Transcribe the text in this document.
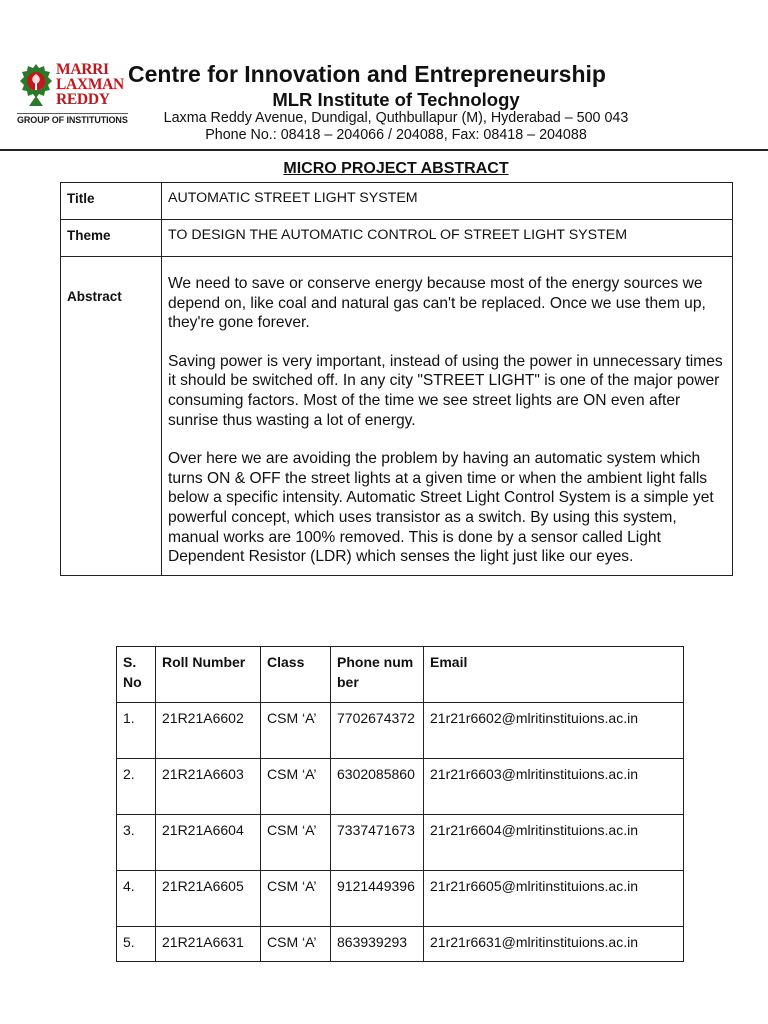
MARRI
LAXMAN
REDDY
GROUP OF INSTITUTIONS
Centre for Innovation and Entrepreneurship
MLR Institute of Technology
Laxma Reddy Avenue, Dundigal, Quthbullapur (M), Hyderabad – 500 043
Phone No.: 08418 – 204066 / 204088, Fax: 08418 – 204088
MICRO PROJECT ABSTRACT
Title	AUTOMATIC STREET LIGHT SYSTEM
Theme	TO DESIGN THE AUTOMATIC CONTROL OF STREET LIGHT SYSTEM
Abstract	We need to save or conserve energy because most of the energy sources we depend on, like coal and natural gas can't be replaced. Once we use them up, they're gone forever.

Saving power is very important, instead of using the power in unnecessary times it should be switched off. In any city "STREET LIGHT" is one of the major power consuming factors. Most of the time we see street lights are ON even after sunrise thus wasting a lot of energy.

Over here we are avoiding the problem by having an automatic system which turns ON & OFF the street lights at a given time or when the ambient light falls below a specific intensity. Automatic Street Light Control System is a simple yet powerful concept, which uses transistor as a switch. By using this system, manual works are 100% removed. This is done by a sensor called Light Dependent Resistor (LDR) which senses the light just like our eyes.

S. No	Roll Number	Class	Phone number	Email
1.	21R21A6602	CSM ‘A’	7702674372	21r21r6602@mlritinstituions.ac.in
2.	21R21A6603	CSM ‘A’	6302085860	21r21r6603@mlritinstituions.ac.in
3.	21R21A6604	CSM ‘A’	7337471673	21r21r6604@mlritinstituions.ac.in
4.	21R21A6605	CSM ‘A’	9121449396	21r21r6605@mlritinstituions.ac.in
5.	21R21A6631	CSM ‘A’	863939293	21r21r6631@mlritinstituions.ac.in
